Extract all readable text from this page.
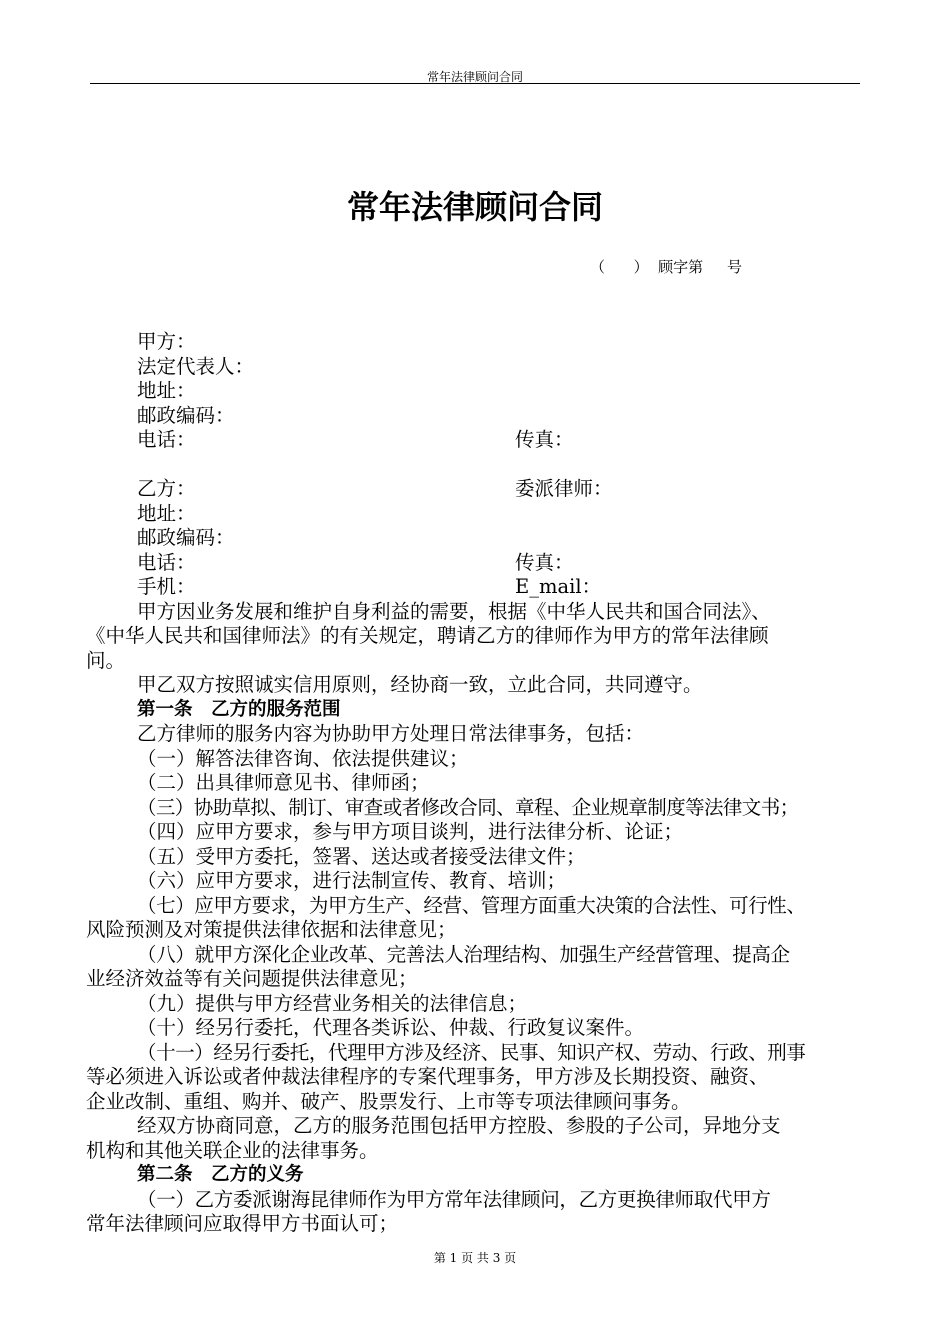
常年法律顾问合同
常年法律顾问合同
（      ）  顾字第     号
甲方：
法定代表人：
地址：
邮政编码：
电话：	传真：
乙方：	委派律师：
地址：
邮政编码：
电话：	传真：
手机：	E_mail：
甲方因业务发展和维护自身利益的需要，根据《中华人民共和国合同法》、
《中华人民共和国律师法》的有关规定，聘请乙方的律师作为甲方的常年法律顾
问。
甲乙双方按照诚实信用原则，经协商一致，立此合同，共同遵守。
第一条　乙方的服务范围
乙方律师的服务内容为协助甲方处理日常法律事务，包括：
（一）解答法律咨询、依法提供建议；
（二）出具律师意见书、律师函；
（三）协助草拟、制订、审查或者修改合同、章程、企业规章制度等法律文书；
（四）应甲方要求，参与甲方项目谈判，进行法律分析、论证；
（五）受甲方委托，签署、送达或者接受法律文件；
（六）应甲方要求，进行法制宣传、教育、培训；
（七）应甲方要求，为甲方生产、经营、管理方面重大决策的合法性、可行性、
风险预测及对策提供法律依据和法律意见；
（八）就甲方深化企业改革、完善法人治理结构、加强生产经营管理、提高企
业经济效益等有关问题提供法律意见；
（九）提供与甲方经营业务相关的法律信息；
（十）经另行委托，代理各类诉讼、仲裁、行政复议案件。
（十一）经另行委托，代理甲方涉及经济、民事、知识产权、劳动、行政、刑事
等必须进入诉讼或者仲裁法律程序的专案代理事务，甲方涉及长期投资、融资、
企业改制、重组、购并、破产、股票发行、上市等专项法律顾问事务。
经双方协商同意，乙方的服务范围包括甲方控股、参股的子公司，异地分支
机构和其他关联企业的法律事务。
第二条　乙方的义务
（一）乙方委派谢海昆律师作为甲方常年法律顾问，乙方更换律师取代甲方
常年法律顾问应取得甲方书面认可；
第 1 页 共 3 页
